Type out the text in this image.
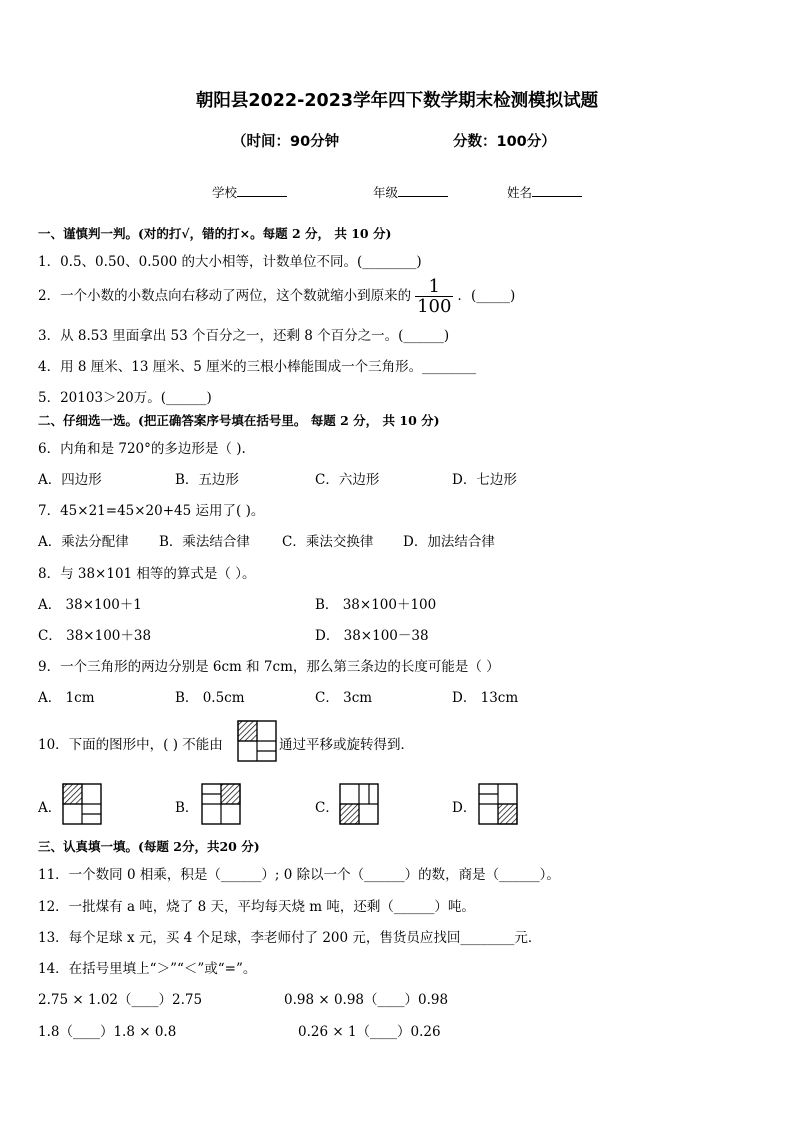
朝阳县2022-2023学年四下数学期末检测模拟试题
（时间：90分钟	分数：100分）
学校	年级	姓名
一、谨慎判一判。(对的打√，错的打×。每题 2 分， 共 10 分)
1．0.5、0.50、0.500 的大小相等，计数单位不同。(________)
2．一个小数的小数点向右移动了两位，这个数就缩小到原来的 $\frac{1}{100}$ ．(_____)
3．从 8.53 里面拿出 53 个百分之一，还剩 8 个百分之一。(______)
4．用 8 厘米、13 厘米、5 厘米的三根小棒能围成一个三角形。________
5．20103＞20万。(______)
二、仔细选一选。(把正确答案序号填在括号里。 每题 2 分， 共 10 分)
6．内角和是 720°的多边形是（ ).
A．四边形	B．五边形	C．六边形	D．七边形
7．45×21=45×20+45 运用了( )。
A．乘法分配律 B．乘法结合律 C．乘法交换律 D．加法结合律
8．与 38×101 相等的算式是（ ）。
A． 38×100＋1	B． 38×100＋100
C． 38×100＋38	D． 38×100－38
9．一个三角形的两边分别是 6cm 和 7cm，那么第三条边的长度可能是（ ）
A． 1cm	B． 0.5cm	C． 3cm	D． 13cm
10．下面的图形中，( ) 不能由	通过平移或旋转得到．
A．	B．	C．	D．
三、认真填一填。(每题 2分，共20 分)
11．一个数同 0 相乘，积是（______）; 0 除以一个（______）的数，商是（______）。
12．一批煤有 a 吨，烧了 8 天，平均每天烧 m 吨，还剩（______）吨。
13．每个足球 x 元，买 4 个足球，李老师付了 200 元，售货员应找回________元．
14．在括号里填上“＞”“＜”或“=”。
2.75 × 1.02（____）2.75	0.98 × 0.98（____）0.98
1.8（____）1.8 × 0.8	0.26 × 1（____）0.26
